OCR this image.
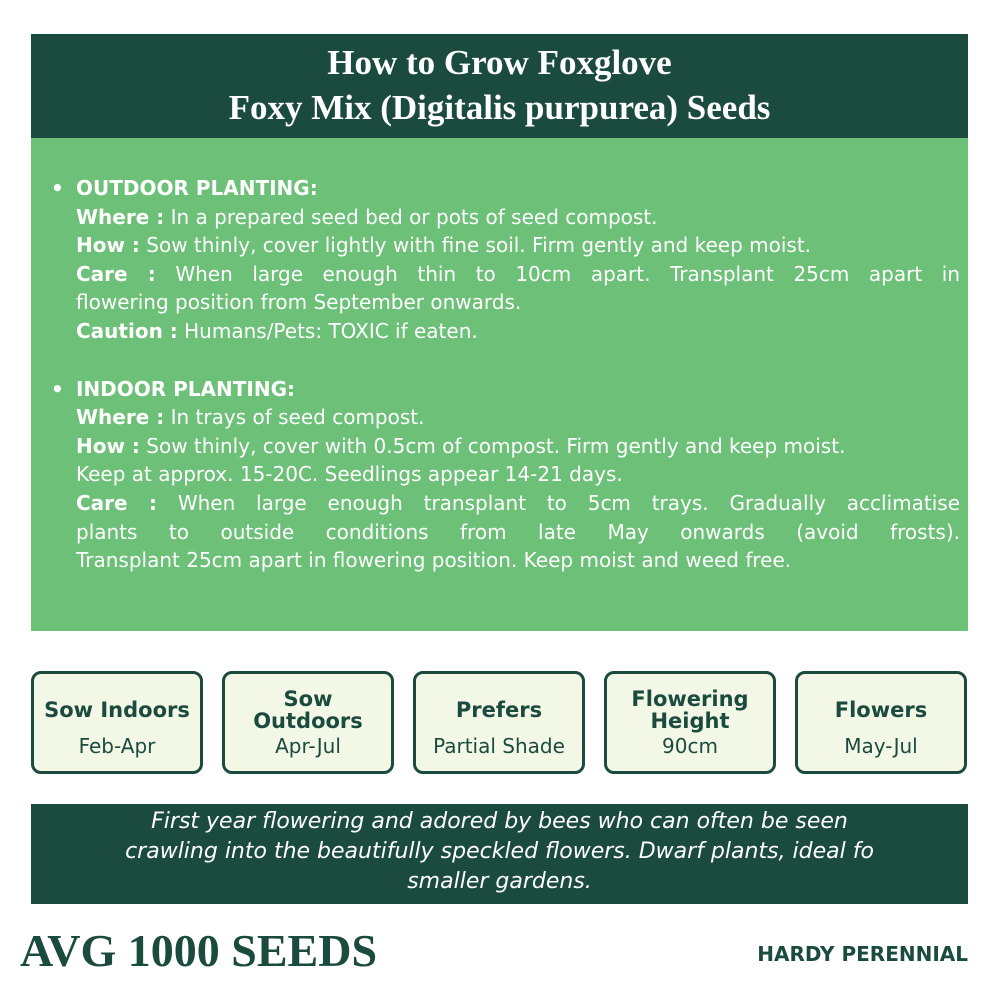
How to Grow Foxglove
Foxy Mix (Digitalis purpurea) Seeds
• OUTDOOR PLANTING:
Where : In a prepared seed bed or pots of seed compost.
How : Sow thinly, cover lightly with fine soil. Firm gently and keep moist.
Care : When large enough thin to 10cm apart. Transplant 25cm apart in
flowering position from September onwards.
Caution : Humans/Pets: TOXIC if eaten.
• INDOOR PLANTING:
Where : In trays of seed compost.
How : Sow thinly, cover with 0.5cm of compost. Firm gently and keep moist.
Keep at approx. 15-20C. Seedlings appear 14-21 days.
Care : When large enough transplant to 5cm trays. Gradually acclimatise
plants to outside conditions from late May onwards (avoid frosts).
Transplant 25cm apart in flowering position. Keep moist and weed free.
Sow Indoors
Feb-Apr
Sow
Outdoors
Apr-Jul
Prefers
Partial Shade
Flowering
Height
90cm
Flowers
May-Jul
First year flowering and adored by bees who can often be seen
crawling into the beautifully speckled flowers. Dwarf plants, ideal fo
smaller gardens.
AVG 1000 SEEDS	HARDY PERENNIAL
